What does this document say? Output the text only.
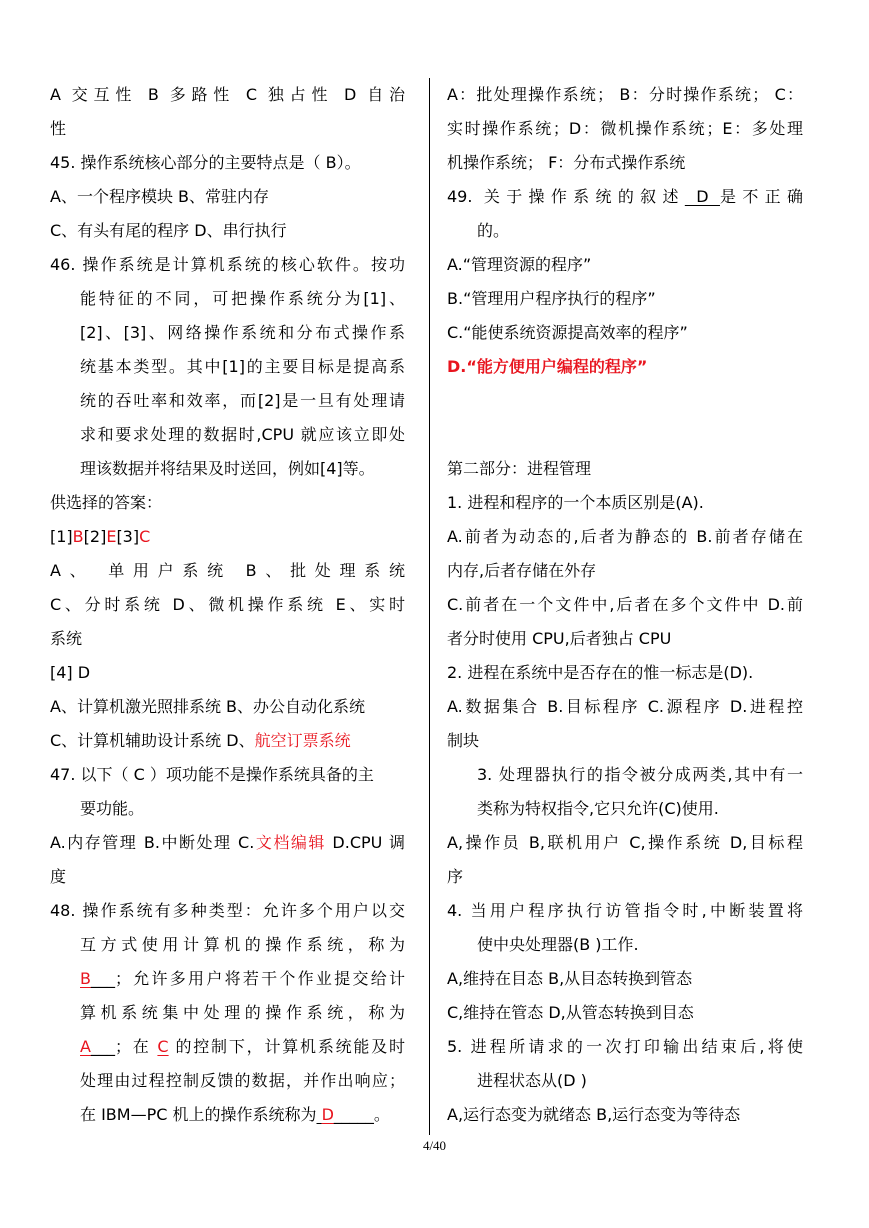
A 交互性 B 多路性 C 独占性 D 自治
性
45. 操作系统核心部分的主要特点是（ B）。
A、一个程序模块 B、常驻内存
C、有头有尾的程序 D、串行执行
46. 操作系统是计算机系统的核心软件。按功
能特征的不同，可把操作系统分为[1]、
[2]、[3]、网络操作系统和分布式操作系
统基本类型。其中[1]的主要目标是提高系
统的吞吐率和效率，而[2]是一旦有处理请
求和要求处理的数据时,CPU 就应该立即处
理该数据并将结果及时送回，例如[4]等。
供选择的答案：
[1]B[2]E[3]C
A、 单用户系统 B、批处理系统
C、分时系统 D、微机操作系统 E、实时
系统
[4] D
A、计算机激光照排系统 B、办公自动化系统
C、计算机辅助设计系统 D、航空订票系统
47. 以下（ C ）项功能不是操作系统具备的主
要功能。
A.内存管理 B.中断处理 C.文档编辑 D.CPU 调
度
48. 操作系统有多种类型：允许多个用户以交
互方式使用计算机的操作系统，称为
B___；允许多用户将若干个作业提交给计
算机系统集中处理的操作系统，称为
A___；在 C 的控制下，计算机系统能及时
处理由过程控制反馈的数据，并作出响应；
在 IBM—PC 机上的操作系统称为 D_____。
A：批处理操作系统； B：分时操作系统； C：
实时操作系统；D：微机操作系统；E：多处理
机操作系统； F：分布式操作系统
49. 关于操作系统的叙述 D 是不正确
的。
A.“管理资源的程序”
B.“管理用户程序执行的程序”
C.“能使系统资源提高效率的程序”
D.“能方便用户编程的程序”
第二部分：进程管理
1. 进程和程序的一个本质区别是(A).
A.前者为动态的,后者为静态的 B.前者存储在
内存,后者存储在外存
C.前者在一个文件中,后者在多个文件中 D.前
者分时使用 CPU,后者独占 CPU
2. 进程在系统中是否存在的惟一标志是(D).
A.数据集合 B.目标程序 C.源程序 D.进程控
制块
3. 处理器执行的指令被分成两类,其中有一
类称为特权指令,它只允许(C)使用.
A,操作员 B,联机用户 C,操作系统 D,目标程
序
4. 当用户程序执行访管指令时,中断装置将
使中央处理器(B )工作.
A,维持在目态 B,从目态转换到管态
C,维持在管态 D,从管态转换到目态
5. 进程所请求的一次打印输出结束后,将使
进程状态从(D )
A,运行态变为就绪态 B,运行态变为等待态
4/40
